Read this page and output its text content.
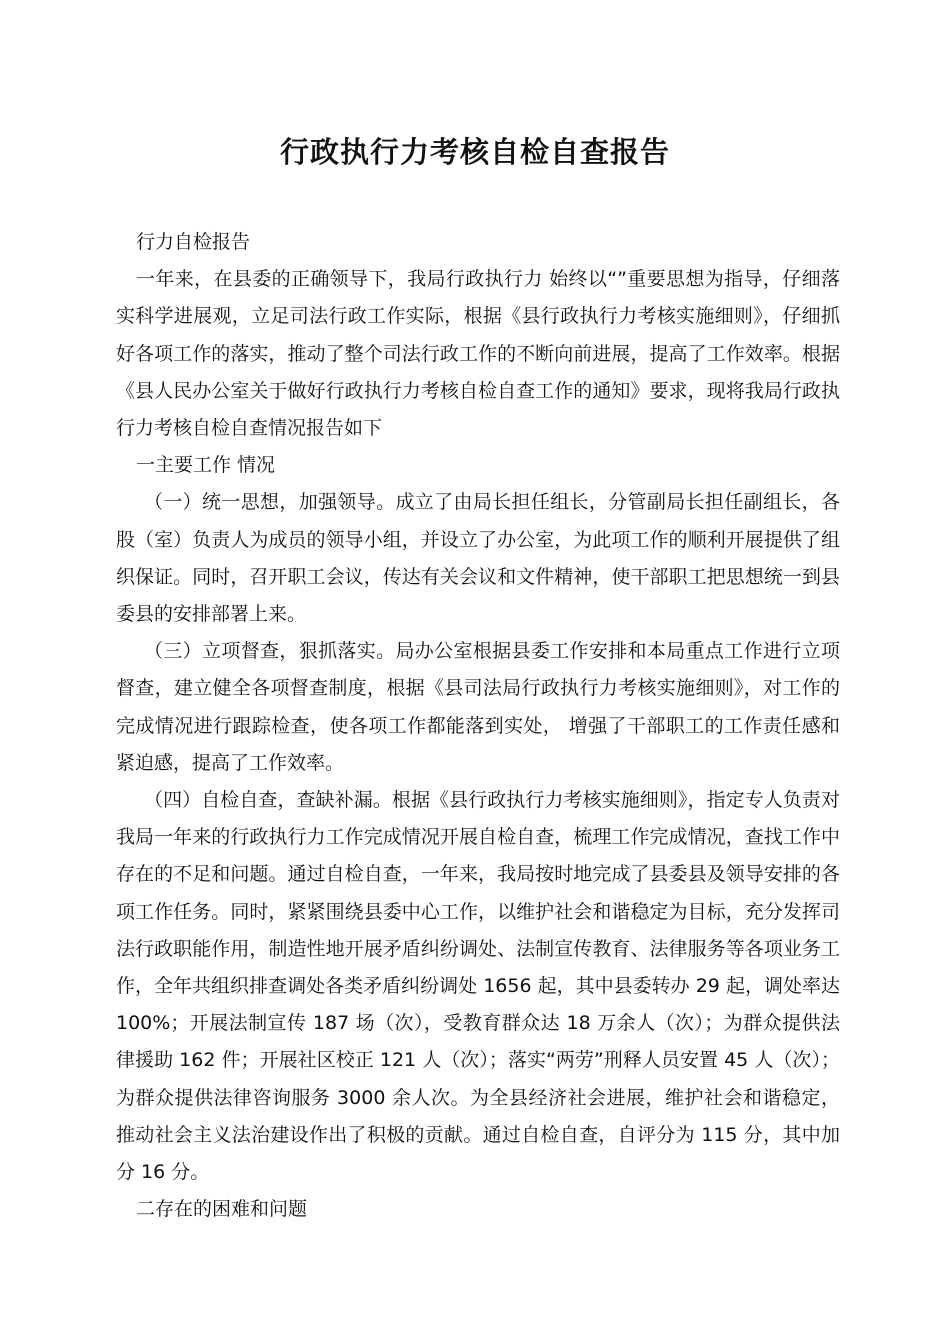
行政执行力考核自检自查报告

行力自检报告

一年来，在县委的正确领导下，我局行政执行力 始终以“”重要思想为指导，仔细落实科学进展观，立足司法行政工作实际，根据《县行政执行力考核实施细则》，仔细抓好各项工作的落实，推动了整个司法行政工作的不断向前进展，提高了工作效率。根据《县人民办公室关于做好行政执行力考核自检自查工作的通知》要求，现将我局行政执行力考核自检自查情况报告如下

一主要工作 情况

（一）统一思想，加强领导。成立了由局长担任组长，分管副局长担任副组长，各股（室）负责人为成员的领导小组，并设立了办公室，为此项工作的顺利开展提供了组织保证。同时，召开职工会议，传达有关会议和文件精神，使干部职工把思想统一到县委县的安排部署上来。

（三）立项督查，狠抓落实。局办公室根据县委工作安排和本局重点工作进行立项督查，建立健全各项督查制度，根据《县司法局行政执行力考核实施细则》，对工作的完成情况进行跟踪检查，使各项工作都能落到实处， 增强了干部职工的工作责任感和紧迫感，提高了工作效率。

（四）自检自查，查缺补漏。根据《县行政执行力考核实施细则》，指定专人负责对我局一年来的行政执行力工作完成情况开展自检自查，梳理工作完成情况，查找工作中存在的不足和问题。通过自检自查，一年来，我局按时地完成了县委县及领导安排的各项工作任务。同时，紧紧围绕县委中心工作，以维护社会和谐稳定为目标，充分发挥司法行政职能作用，制造性地开展矛盾纠纷调处、法制宣传教育、法律服务等各项业务工作，全年共组织排查调处各类矛盾纠纷调处 1656 起，其中县委转办 29 起，调处率达 100%；开展法制宣传 187 场（次），受教育群众达 18 万余人（次）；为群众提供法律援助 162 件；开展社区校正 121 人（次）；落实“两劳”刑释人员安置 45 人（次）；为群众提供法律咨询服务 3000 余人次。为全县经济社会进展，维护社会和谐稳定，推动社会主义法治建设作出了积极的贡献。通过自检自查，自评分为 115 分，其中加分 16 分。

二存在的困难和问题
